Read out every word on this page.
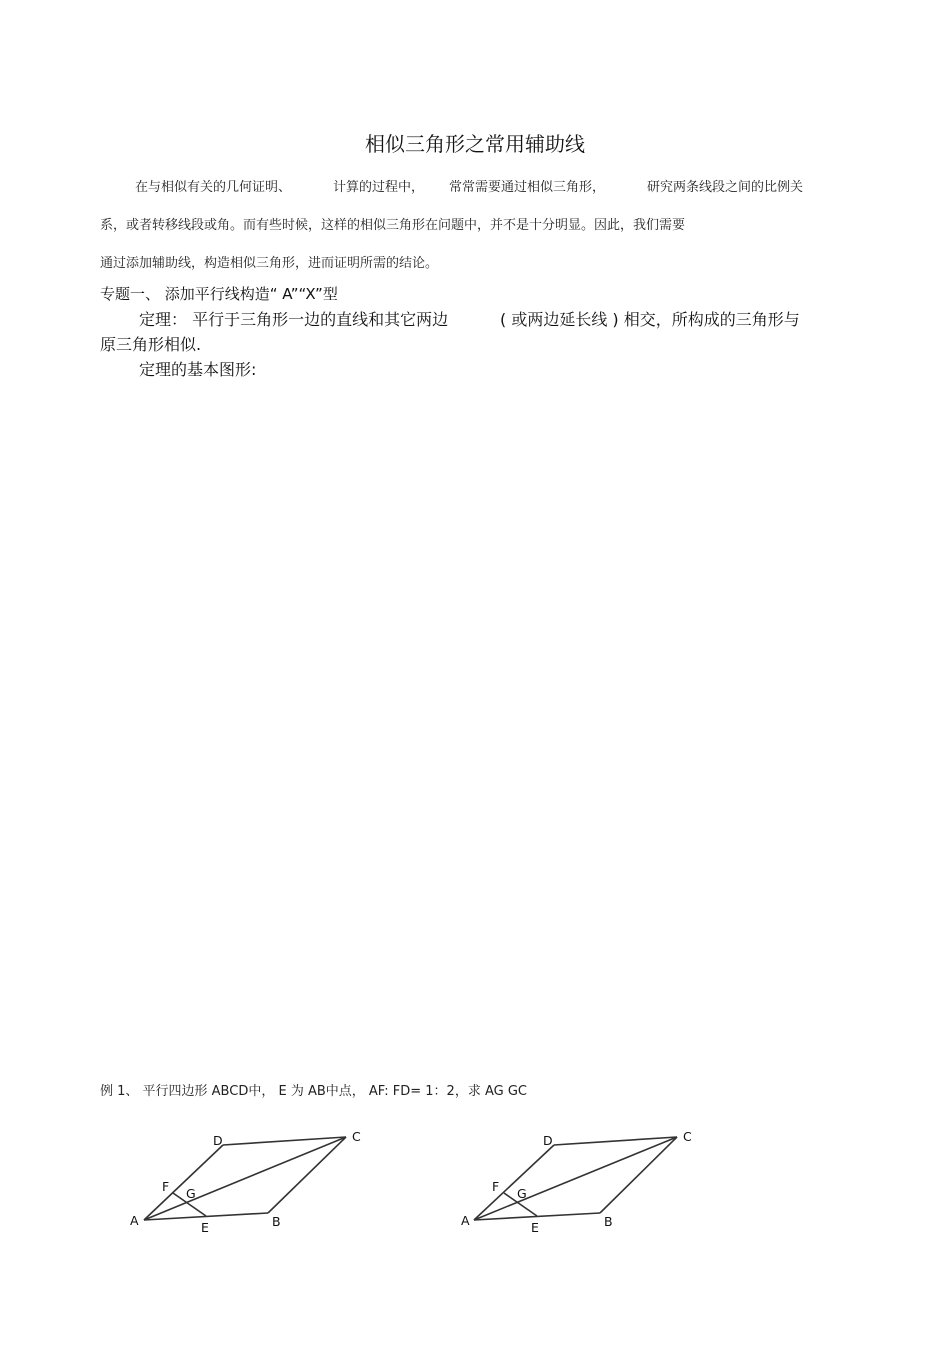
相似三角形之常用辅助线
在与相似有关的几何证明、	计算的过程中， 常常需要通过相似三角形，	研究两条线段之间的比例关
系，或者转移线段或角。而有些时候，这样的相似三角形在问题中，并不是十分明显。因此，我们需要
通过添加辅助线，构造相似三角形，进而证明所需的结论。
专题一、 添加平行线构造“ A”“X”型
定理： 平行于三角形一边的直线和其它两边	( 或两边延长线 ) 相交，所构成的三角形与
原三角形相似.
定理的基本图形:
例 1、 平行四边形 ABCD中， E 为 AB中点， AF: FD= 1：2，求 AG GC
A	B
C
D
E
F G
A	B
C
D
E
F G
